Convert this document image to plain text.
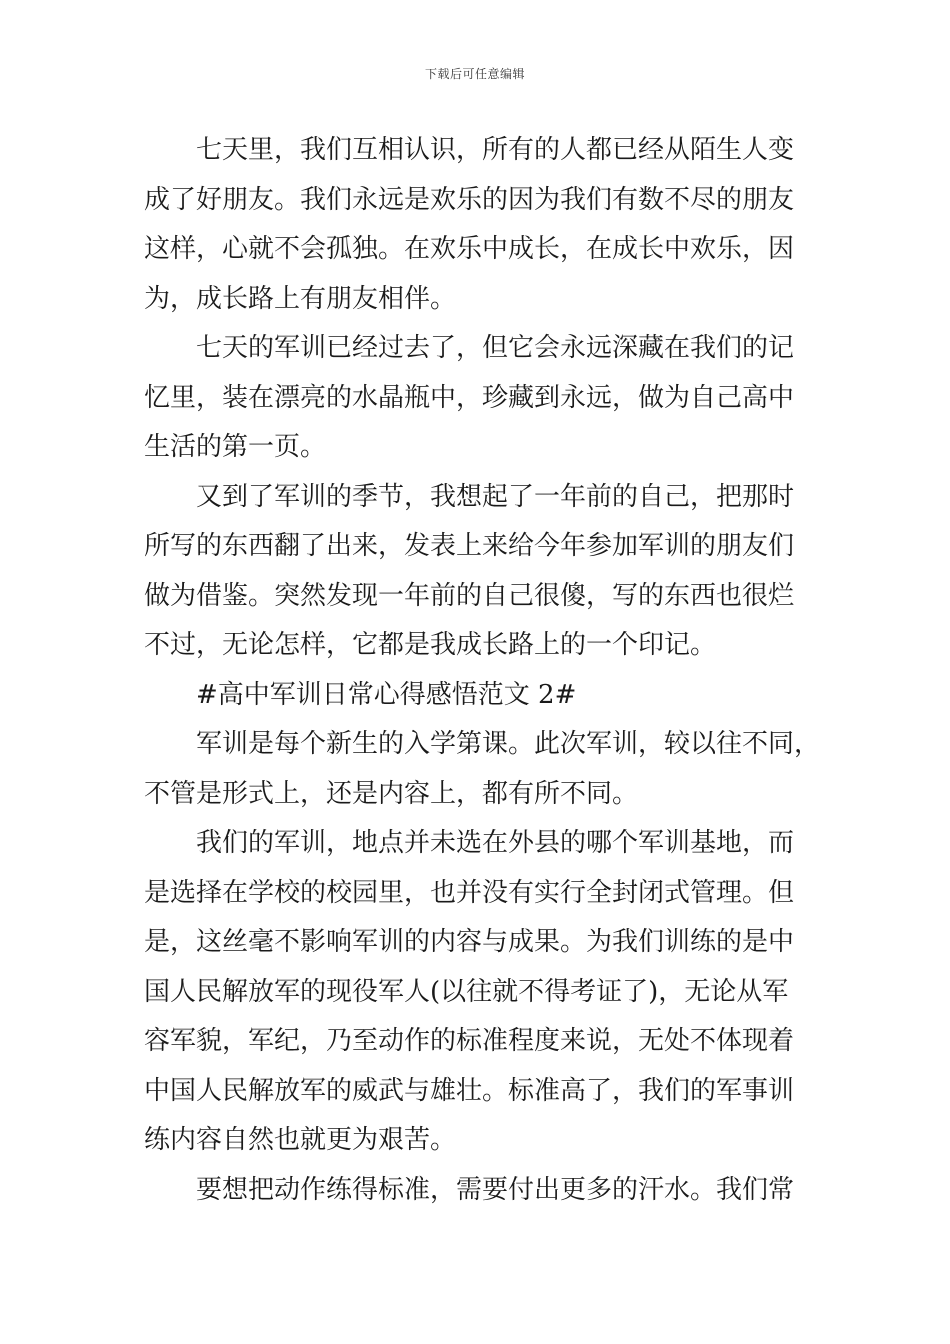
下载后可任意编辑

七天里，我们互相认识，所有的人都已经从陌生人变
成了好朋友。我们永远是欢乐的因为我们有数不尽的朋友
这样，心就不会孤独。在欢乐中成长，在成长中欢乐，因
为，成长路上有朋友相伴。

七天的军训已经过去了，但它会永远深藏在我们的记
忆里，装在漂亮的水晶瓶中，珍藏到永远，做为自己高中
生活的第一页。

又到了军训的季节，我想起了一年前的自己，把那时
所写的东西翻了出来，发表上来给今年参加军训的朋友们
做为借鉴。突然发现一年前的自己很傻，写的东西也很烂
不过，无论怎样，它都是我成长路上的一个印记。

#高中军训日常心得感悟范文 2#

军训是每个新生的入学第课。此次军训，较以往不同，
不管是形式上，还是内容上，都有所不同。

我们的军训，地点并未选在外县的哪个军训基地，而
是选择在学校的校园里，也并没有实行全封闭式管理。但
是，这丝毫不影响军训的内容与成果。为我们训练的是中
国人民解放军的现役军人(以往就不得考证了)，无论从军
容军貌，军纪，乃至动作的标准程度来说，无处不体现着
中国人民解放军的威武与雄壮。标准高了，我们的军事训
练内容自然也就更为艰苦。

要想把动作练得标准，需要付出更多的汗水。我们常
